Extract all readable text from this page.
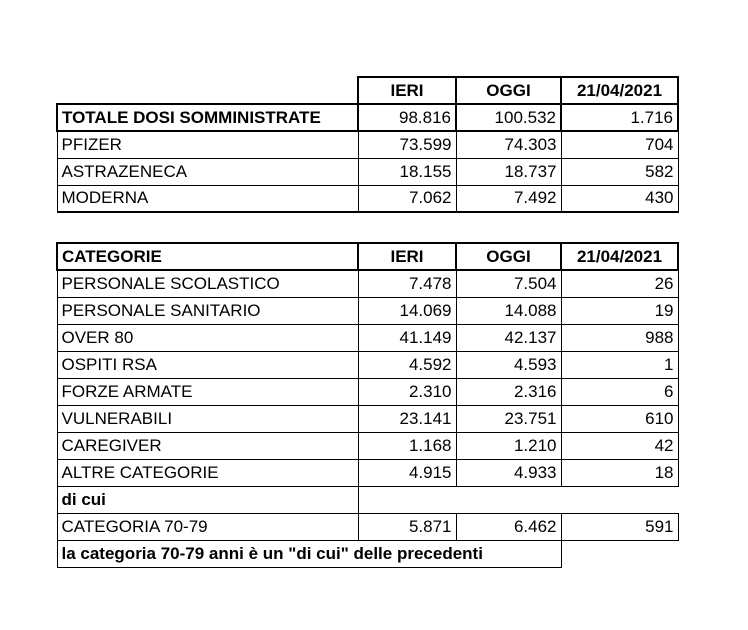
	IERI	OGGI	21/04/2021
TOTALE DOSI SOMMINISTRATE	98.816	100.532	1.716
PFIZER	73.599	74.303	704
ASTRAZENECA	18.155	18.737	582
MODERNA	7.062	7.492	430
CATEGORIE	IERI	OGGI	21/04/2021
PERSONALE SCOLASTICO	7.478	7.504	26
PERSONALE SANITARIO	14.069	14.088	19
OVER 80	41.149	42.137	988
OSPITI RSA	4.592	4.593	1
FORZE ARMATE	2.310	2.316	6
VULNERABILI	23.141	23.751	610
CAREGIVER	1.168	1.210	42
ALTRE CATEGORIE	4.915	4.933	18
di cui			
CATEGORIA 70-79	5.871	6.462	591
la categoria 70-79 anni è un "di cui" delle precedenti			
